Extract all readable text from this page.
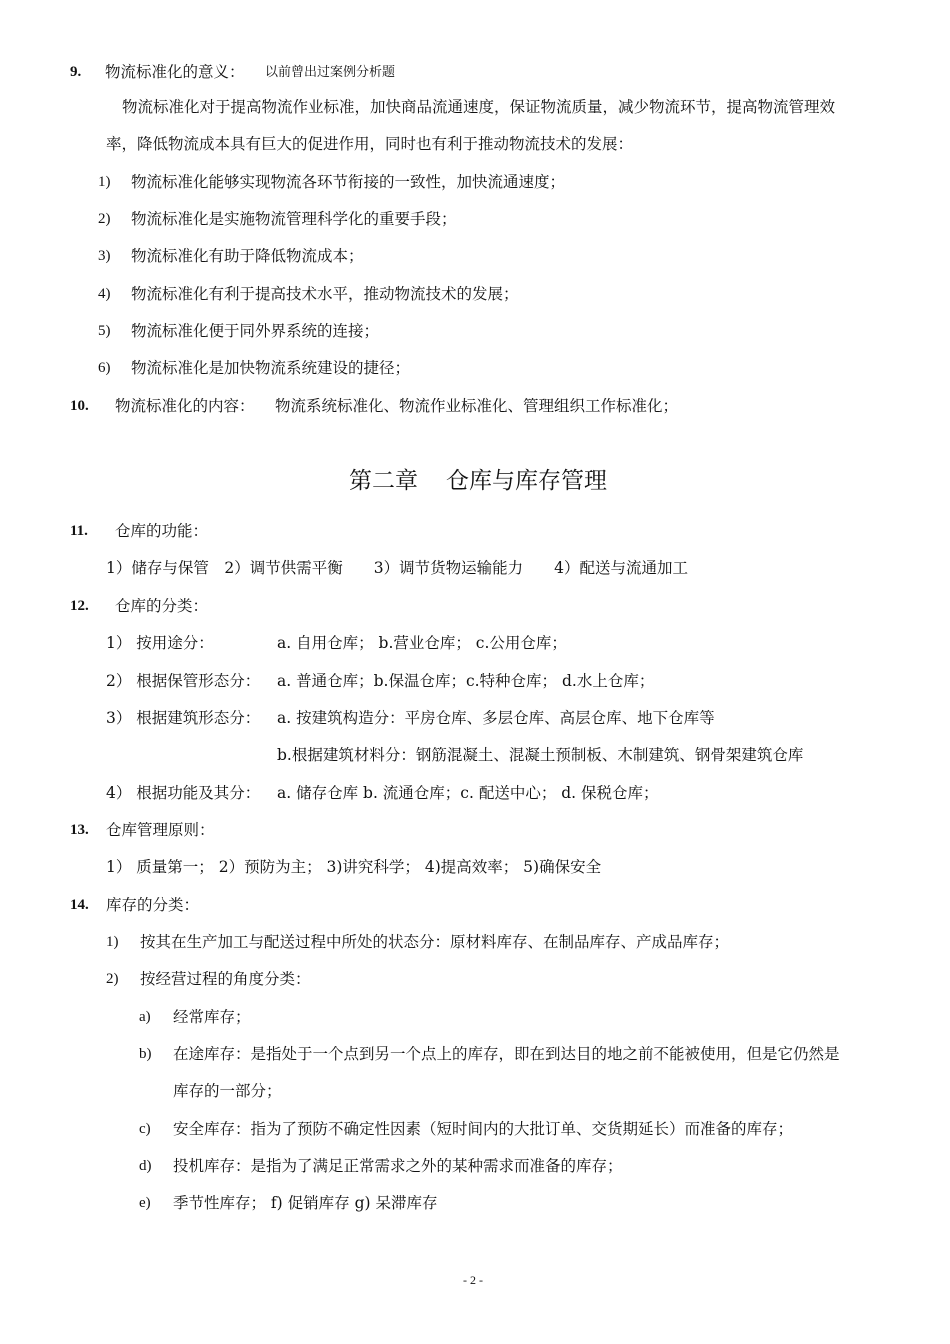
9. 物流标准化的意义： 以前曾出过案例分析题
物流标准化对于提高物流作业标准，加快商品流通速度，保证物流质量，减少物流环节，提高物流管理效
率，降低物流成本具有巨大的促进作用，同时也有利于推动物流技术的发展：
1) 物流标准化能够实现物流各环节衔接的一致性，加快流通速度；
2) 物流标准化是实施物流管理科学化的重要手段；
3) 物流标准化有助于降低物流成本；
4) 物流标准化有利于提高技术水平，推动物流技术的发展；
5) 物流标准化便于同外界系统的连接；
6) 物流标准化是加快物流系统建设的捷径；
10. 物流标准化的内容： 物流系统标准化、物流作业标准化、管理组织工作标准化；
第二章 仓库与库存管理
11. 仓库的功能：
1）储存与保管　2）调节供需平衡　　3）调节货物运输能力　　4）配送与流通加工
12. 仓库的分类：
1） 按用途分：	a. 自用仓库； b.营业仓库； c.公用仓库；
2） 根据保管形态分： a. 普通仓库；b.保温仓库；c.特种仓库； d.水上仓库；
3） 根据建筑形态分： a. 按建筑构造分：平房仓库、多层仓库、高层仓库、地下仓库等
b.根据建筑材料分：钢筋混凝土、混凝土预制板、木制建筑、钢骨架建筑仓库
4） 根据功能及其分： a. 储存仓库 b. 流通仓库；c. 配送中心； d. 保税仓库；
13. 仓库管理原则：
1） 质量第一； 2）预防为主； 3)讲究科学； 4)提高效率； 5)确保安全
14. 库存的分类：
1) 按其在生产加工与配送过程中所处的状态分：原材料库存、在制品库存、产成品库存；
2) 按经营过程的角度分类：
a) 经常库存；
b) 在途库存：是指处于一个点到另一个点上的库存，即在到达目的地之前不能被使用，但是它仍然是
库存的一部分；
c) 安全库存：指为了预防不确定性因素（短时间内的大批订单、交货期延长）而准备的库存；
d) 投机库存：是指为了满足正常需求之外的某种需求而准备的库存；
e) 季节性库存； f) 促销库存 g) 呆滞库存
- 2 -
